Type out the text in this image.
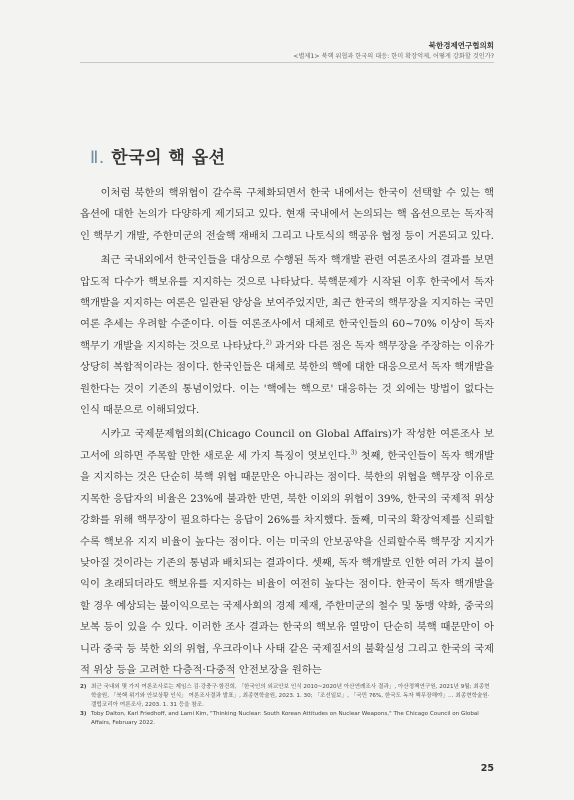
북한경제연구협의회
<별제1> 북핵 위협과 한국의 대응: 한미 확장억제, 어떻게 강화할 것인가?
Ⅱ. 한국의 핵 옵션

이처럼 북한의 핵위협이 갈수록 구체화되면서 한국 내에서는 한국이 선택할 수 있는 핵 옵션에 대한 논의가 다양하게 제기되고 있다. 현재 국내에서 논의되는 핵 옵션으로는 독자적인 핵무기 개발, 주한미군의 전술핵 재배치 그리고 나토식의 핵공유 협정 등이 거론되고 있다.

최근 국내외에서 한국인들을 대상으로 수행된 독자 핵개발 관련 여론조사의 결과를 보면 압도적 다수가 핵보유를 지지하는 것으로 나타났다. 북핵문제가 시작된 이후 한국에서 독자 핵개발을 지지하는 여론은 일관된 양상을 보여주었지만, 최근 한국의 핵무장을 지지하는 국민 여론 추세는 우려할 수준이다. 이들 여론조사에서 대체로 한국인들의 60~70% 이상이 독자 핵무기 개발을 지지하는 것으로 나타났다.$^{2)}$ 과거와 다른 점은 독자 핵무장을 주장하는 이유가 상당히 복합적이라는 점이다. 한국인들은 대체로 북한의 핵에 대한 대응으로서 독자 핵개발을 원한다는 것이 기존의 통념이었다. 이는 '핵에는 핵으로' 대응하는 것 외에는 방법이 없다는 인식 때문으로 이해되었다.

시카고 국제문제협의회(Chicago Council on Global Affairs)가 작성한 여론조사 보고서에 의하면 주목할 만한 새로운 세 가지 특징이 엿보인다.$^{3)}$ 첫째, 한국인들이 독자 핵개발을 지지하는 것은 단순히 북핵 위협 때문만은 아니라는 점이다. 북한의 위협을 핵무장 이유로 지목한 응답자의 비율은 23%에 불과한 반면, 북한 이외의 위협이 39%, 한국의 국제적 위상 강화를 위해 핵무장이 필요하다는 응답이 26%를 차지했다. 둘째, 미국의 확장억제를 신뢰할수록 핵보유 지지 비율이 높다는 점이다. 이는 미국의 안보공약을 신뢰할수록 핵무장 지지가 낮아질 것이라는 기존의 통념과 배치되는 결과이다. 셋째, 독자 핵개발로 인한 여러 가지 불이익이 초래되더라도 핵보유를 지지하는 비율이 여전히 높다는 점이다. 한국이 독자 핵개발을 할 경우 예상되는 불이익으로는 국제사회의 경제 제재, 주한미군의 철수 및 동맹 약화, 중국의 보복 등이 있을 수 있다. 이러한 조사 결과는 한국의 핵보유 열망이 단순히 북핵 때문만이 아니라 중국 등 북한 외의 위협, 우크라이나 사태 같은 국제질서의 불확실성 그리고 한국의 국제적 위상 등을 고려한 다층적·다중적 안전보장을 원하는

2) 최근 국내외 몇 가지 여론조사로는 제임스 김·강충구·함건희, 「한국인의 외교안보 인식 2010~2020년 아산연례조사 결과」, 아산정책연구원, 2021년 9월; 최종현학술원, 「북핵 위기와 안보상황 인식」 여론조사결과 발표」, 최종현학술원, 2023. 1. 30; 「조선일보」, 「국민 76%, 한국도 독자 핵무장해야」… 최종현학술원·갤럽코리아 여론조사, 2203. 1. 31 등을 참조.
3) Toby Dalton, Karl Friedhoff, and Lami Kim, "Thinking Nuclear: South Korean Attitudes on Nuclear Weapons," The Chicago Council on Global Affairs, February 2022.
25
